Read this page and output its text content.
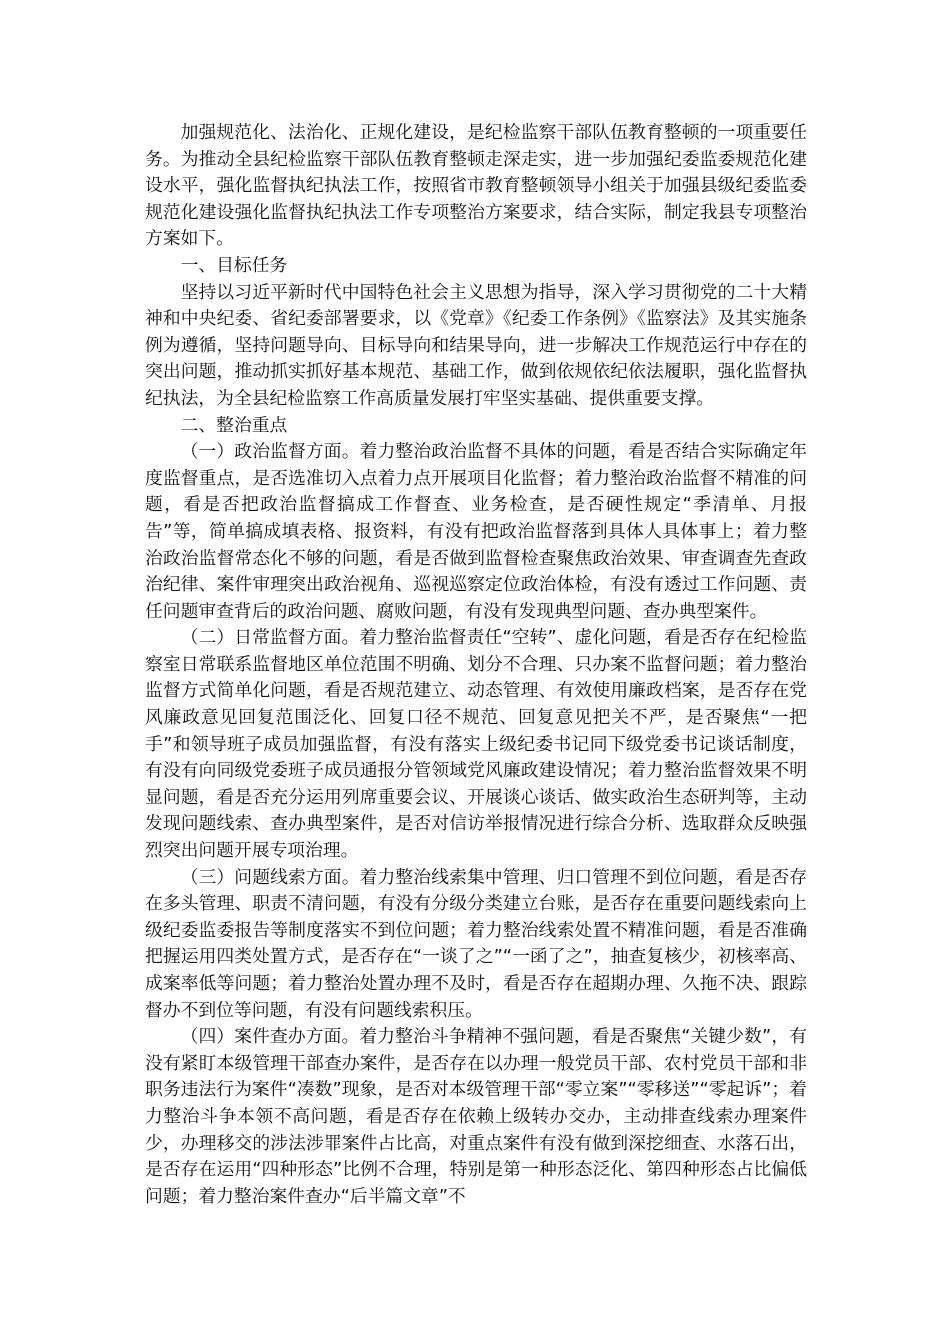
加强规范化、法治化、正规化建设，是纪检监察干部队伍教育整顿的一项重要任务。为推动全县纪检监察干部队伍教育整顿走深走实，进一步加强纪委监委规范化建设水平，强化监督执纪执法工作，按照省市教育整顿领导小组关于加强县级纪委监委规范化建设强化监督执纪执法工作专项整治方案要求，结合实际，制定我县专项整治方案如下。

一、目标任务

坚持以习近平新时代中国特色社会主义思想为指导，深入学习贯彻党的二十大精神和中央纪委、省纪委部署要求，以《党章》《纪委工作条例》《监察法》及其实施条例为遵循，坚持问题导向、目标导向和结果导向，进一步解决工作规范运行中存在的突出问题，推动抓实抓好基本规范、基础工作，做到依规依纪依法履职，强化监督执纪执法，为全县纪检监察工作高质量发展打牢坚实基础、提供重要支撑。

二、整治重点

（一）政治监督方面。着力整治政治监督不具体的问题，看是否结合实际确定年度监督重点，是否选准切入点着力点开展项目化监督；着力整治政治监督不精准的问题，看是否把政治监督搞成工作督查、业务检查，是否硬性规定“季清单、月报告”等，简单搞成填表格、报资料，有没有把政治监督落到具体人具体事上；着力整治政治监督常态化不够的问题，看是否做到监督检查聚焦政治效果、审查调查先查政治纪律、案件审理突出政治视角、巡视巡察定位政治体检，有没有透过工作问题、责任问题审查背后的政治问题、腐败问题，有没有发现典型问题、查办典型案件。

（二）日常监督方面。着力整治监督责任“空转”、虚化问题，看是否存在纪检监察室日常联系监督地区单位范围不明确、划分不合理、只办案不监督问题；着力整治监督方式简单化问题，看是否规范建立、动态管理、有效使用廉政档案，是否存在党风廉政意见回复范围泛化、回复口径不规范、回复意见把关不严，是否聚焦“一把手”和领导班子成员加强监督，有没有落实上级纪委书记同下级党委书记谈话制度，有没有向同级党委班子成员通报分管领域党风廉政建设情况；着力整治监督效果不明显问题，看是否充分运用列席重要会议、开展谈心谈话、做实政治生态研判等，主动发现问题线索、查办典型案件，是否对信访举报情况进行综合分析、选取群众反映强烈突出问题开展专项治理。

（三）问题线索方面。着力整治线索集中管理、归口管理不到位问题，看是否存在多头管理、职责不清问题，有没有分级分类建立台账，是否存在重要问题线索向上级纪委监委报告等制度落实不到位问题；着力整治线索处置不精准问题，看是否准确把握运用四类处置方式，是否存在“一谈了之”“一函了之”，抽查复核少，初核率高、成案率低等问题；着力整治处置办理不及时，看是否存在超期办理、久拖不决、跟踪督办不到位等问题，有没有问题线索积压。

（四）案件查办方面。着力整治斗争精神不强问题，看是否聚焦“关键少数”，有没有紧盯本级管理干部查办案件，是否存在以办理一般党员干部、农村党员干部和非职务违法行为案件“凑数”现象，是否对本级管理干部“零立案”“零移送”“零起诉”；着力整治斗争本领不高问题，看是否存在依赖上级转办交办，主动排查线索办理案件少，办理移交的涉法涉罪案件占比高，对重点案件有没有做到深挖细查、水落石出，是否存在运用“四种形态”比例不合理，特别是第一种形态泛化、第四种形态占比偏低问题；着力整治案件查办“后半篇文章”不
